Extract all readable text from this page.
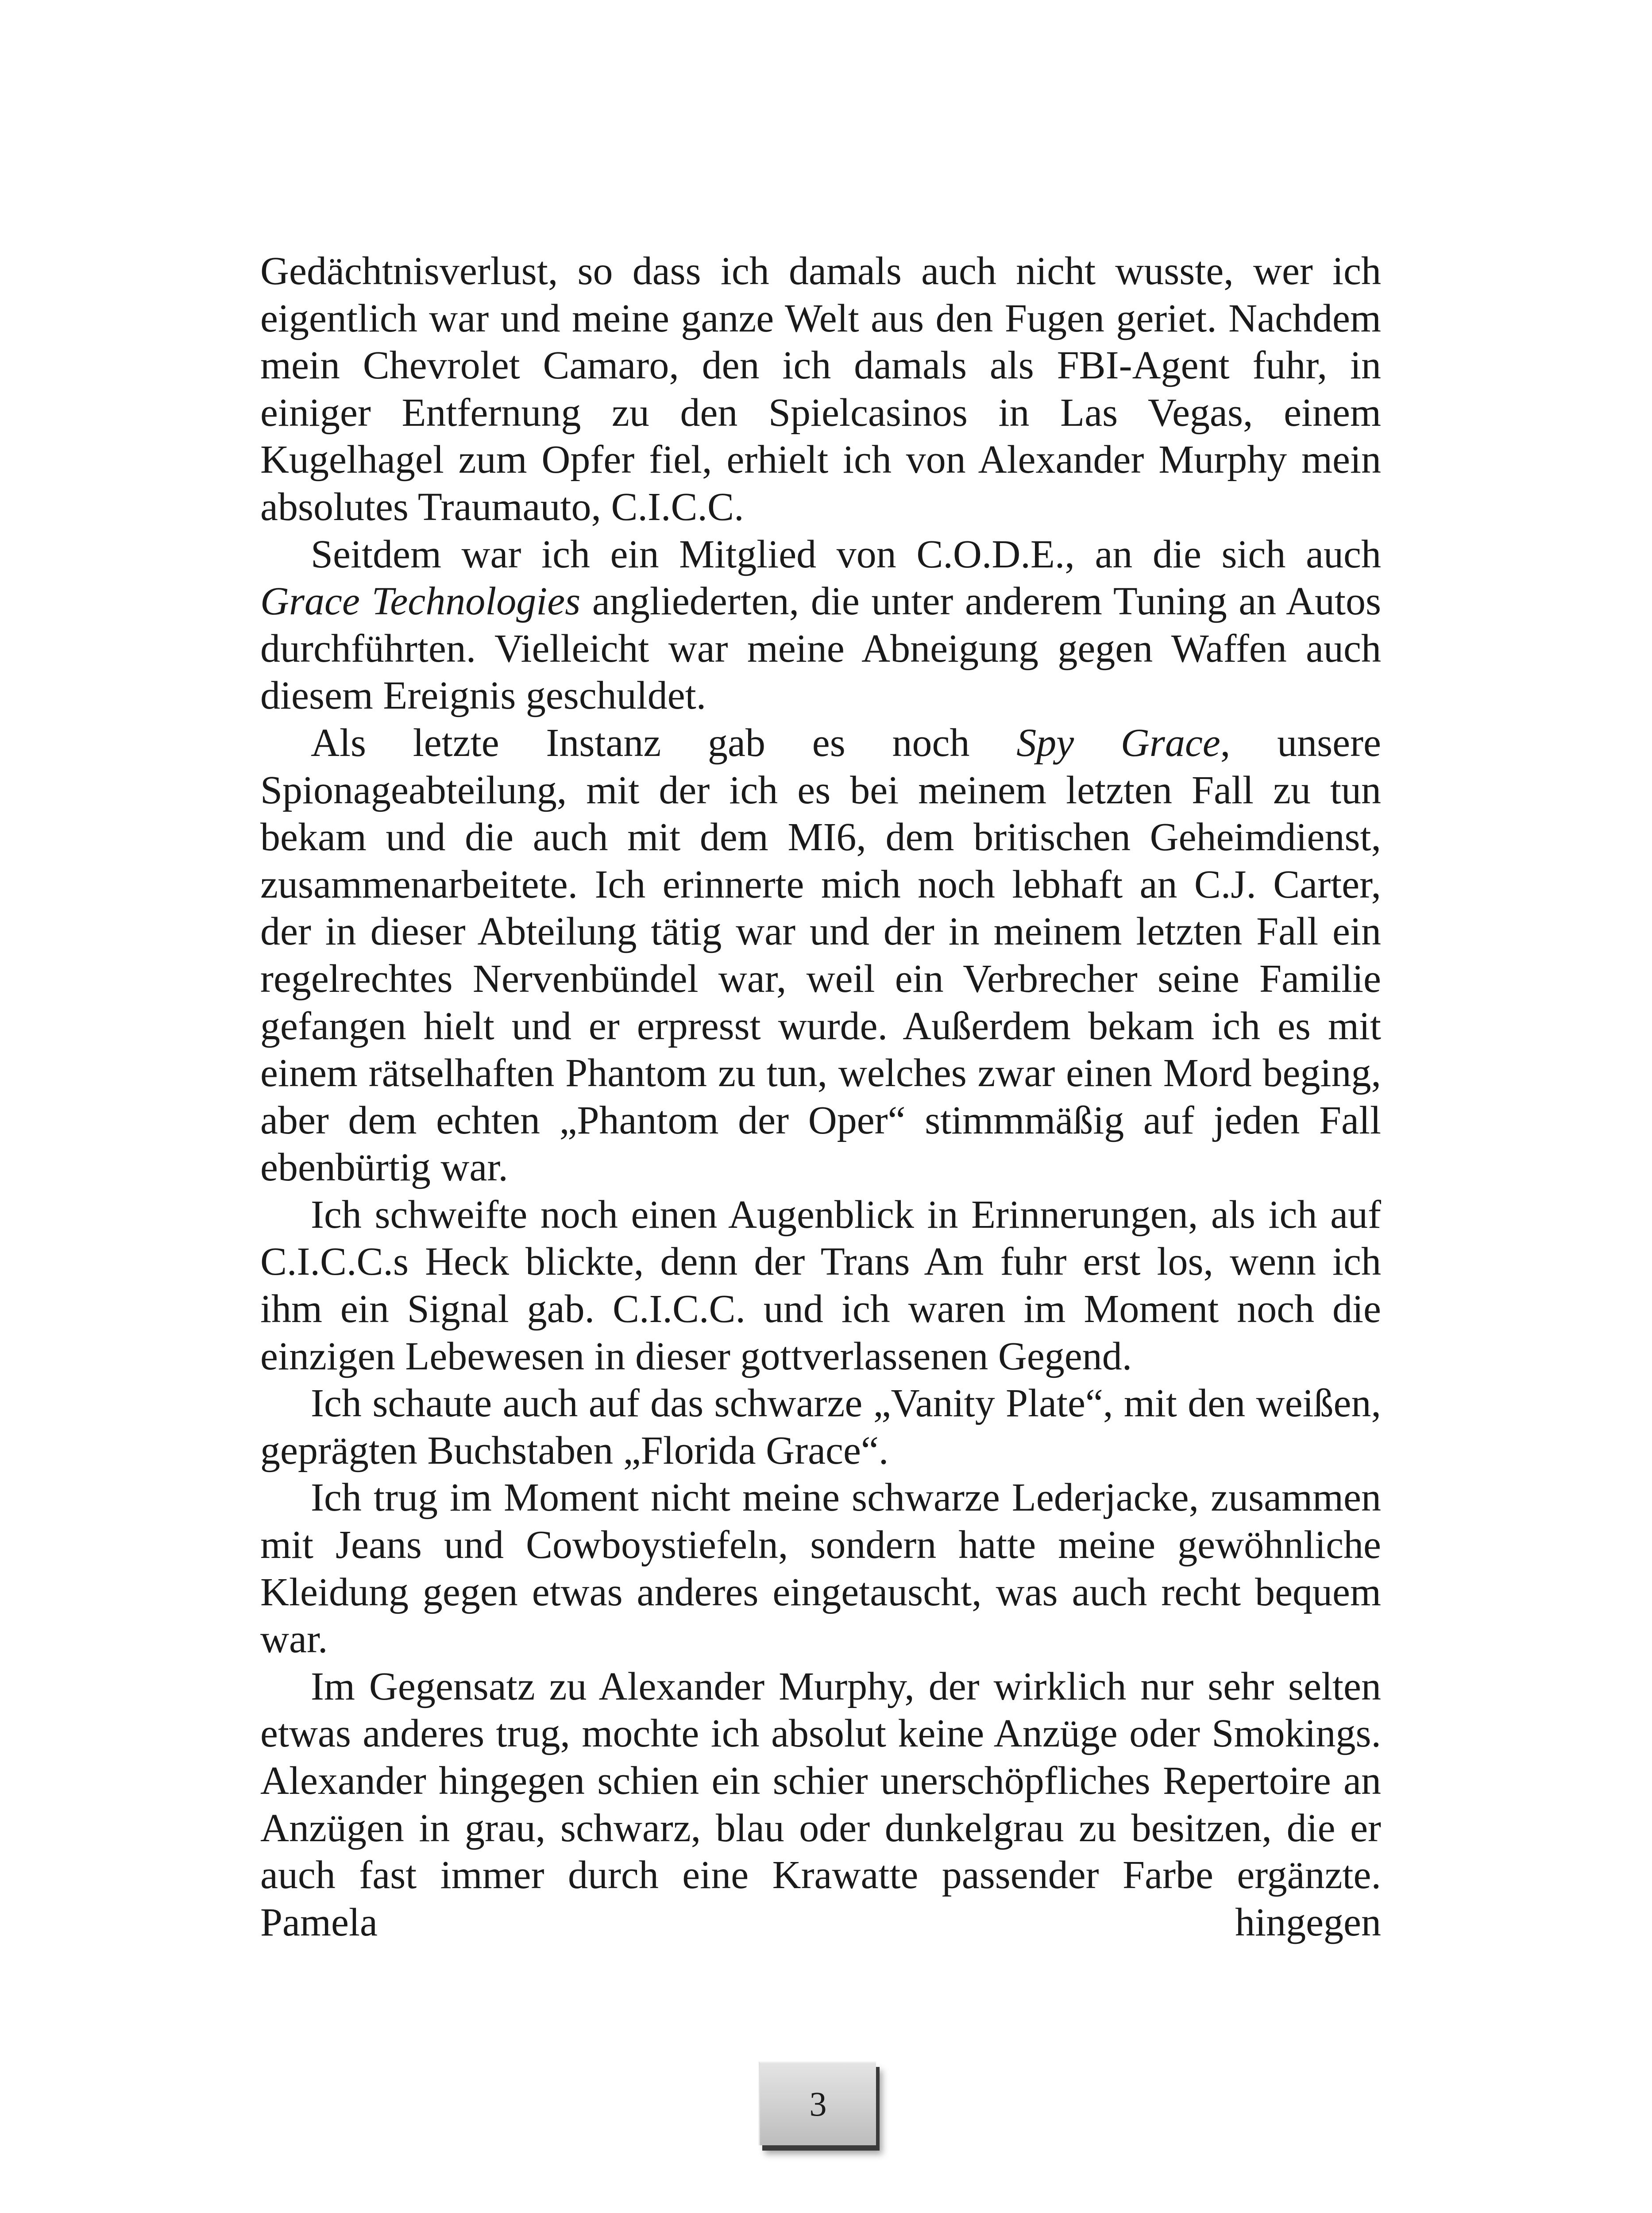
Gedächtnisverlust, so dass ich damals auch nicht wusste, wer ich eigentlich war und meine ganze Welt aus den Fugen geriet. Nachdem mein Chevrolet Camaro, den ich damals als FBI-Agent fuhr, in einiger Entfernung zu den Spielcasinos in Las Vegas, einem Kugelhagel zum Opfer fiel, erhielt ich von Alexander Murphy mein absolutes Traumauto, C.I.C.C.

Seitdem war ich ein Mitglied von C.O.D.E., an die sich auch Grace Technologies angliederten, die unter anderem Tuning an Autos durchführten. Vielleicht war meine Abneigung gegen Waffen auch diesem Ereignis geschuldet.

Als letzte Instanz gab es noch Spy Grace, unsere Spionageabteilung, mit der ich es bei meinem letzten Fall zu tun bekam und die auch mit dem MI6, dem britischen Geheimdienst, zusammenarbeitete. Ich erinnerte mich noch lebhaft an C.J. Carter, der in dieser Abteilung tätig war und der in meinem letzten Fall ein regelrechtes Nervenbündel war, weil ein Verbrecher seine Familie gefangen hielt und er erpresst wurde. Außerdem bekam ich es mit einem rätselhaften Phantom zu tun, welches zwar einen Mord beging, aber dem echten „Phantom der Oper“ stimmmäßig auf jeden Fall ebenbürtig war.

Ich schweifte noch einen Augenblick in Erinnerungen, als ich auf C.I.C.C.s Heck blickte, denn der Trans Am fuhr erst los, wenn ich ihm ein Signal gab. C.I.C.C. und ich waren im Moment noch die einzigen Lebewesen in dieser gottverlassenen Gegend.

Ich schaute auch auf das schwarze „Vanity Plate“, mit den weißen, geprägten Buchstaben „Florida Grace“.

Ich trug im Moment nicht meine schwarze Lederjacke, zusammen mit Jeans und Cowboystiefeln, sondern hatte meine gewöhnliche Kleidung gegen etwas anderes eingetauscht, was auch recht bequem war.

Im Gegensatz zu Alexander Murphy, der wirklich nur sehr selten etwas anderes trug, mochte ich absolut keine Anzüge oder Smokings. Alexander hingegen schien ein schier unerschöpfliches Repertoire an Anzügen in grau, schwarz, blau oder dunkelgrau zu besitzen, die er auch fast immer durch eine Krawatte passender Farbe ergänzte. Pamela hingegen

3
